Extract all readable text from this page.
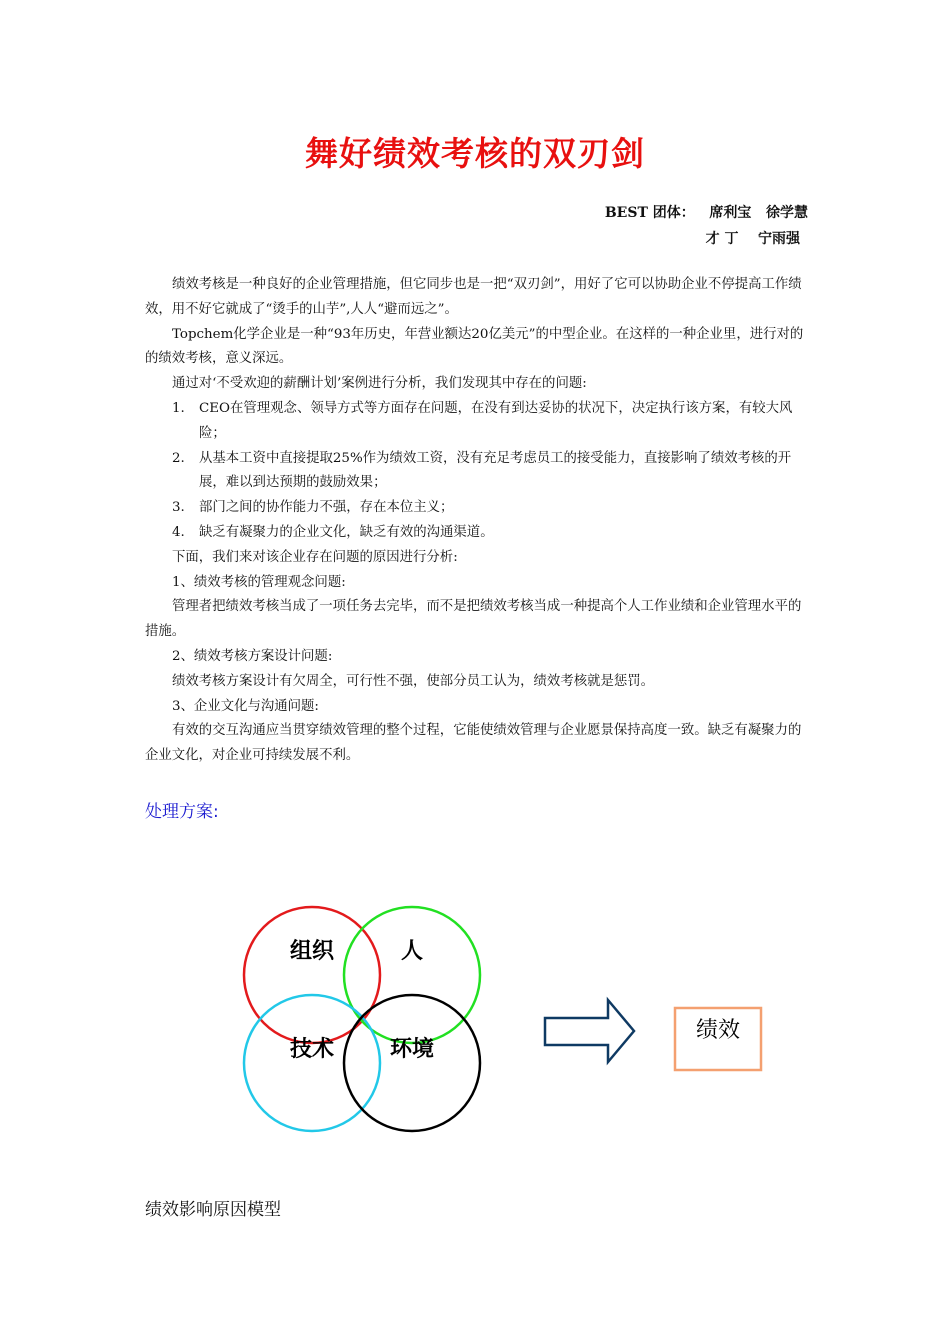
舞好绩效考核的双刃剑
BEST 团体：   席利宝   徐学慧
才 丁    宁雨强

绩效考核是一种良好的企业管理措施，但它同步也是一把“双刃剑”，用好了它可以协助企业不停提高工作绩效，用不好它就成了“烫手的山芋”,人人“避而远之”。

Topchem化学企业是一种“93年历史，年营业额达20亿美元”的中型企业。在这样的一种企业里，进行对的的绩效考核，意义深远。

通过对‘不受欢迎的薪酬计划’案例进行分析，我们发现其中存在的问题:

1.	CEO在管理观念、领导方式等方面存在问题，在没有到达妥协的状况下，决定执行该方案，有较大风险；
2.	从基本工资中直接提取25%作为绩效工资，没有充足考虑员工的接受能力，直接影响了绩效考核的开展，难以到达预期的鼓励效果；
3.	部门之间的协作能力不强，存在本位主义；
4.	缺乏有凝聚力的企业文化，缺乏有效的沟通渠道。

下面，我们来对该企业存在问题的原因进行分析:

1、绩效考核的管理观念问题:

管理者把绩效考核当成了一项任务去完毕，而不是把绩效考核当成一种提高个人工作业绩和企业管理水平的措施。

2、绩效考核方案设计问题:

绩效考核方案设计有欠周全，可行性不强，使部分员工认为，绩效考核就是惩罚。

3、企业文化与沟通问题:

有效的交互沟通应当贯穿绩效管理的整个过程，它能使绩效管理与企业愿景保持高度一致。缺乏有凝聚力的企业文化，对企业可持续发展不利。

处理方案:
组织	人
技术	环境
绩效
绩效影响原因模型
